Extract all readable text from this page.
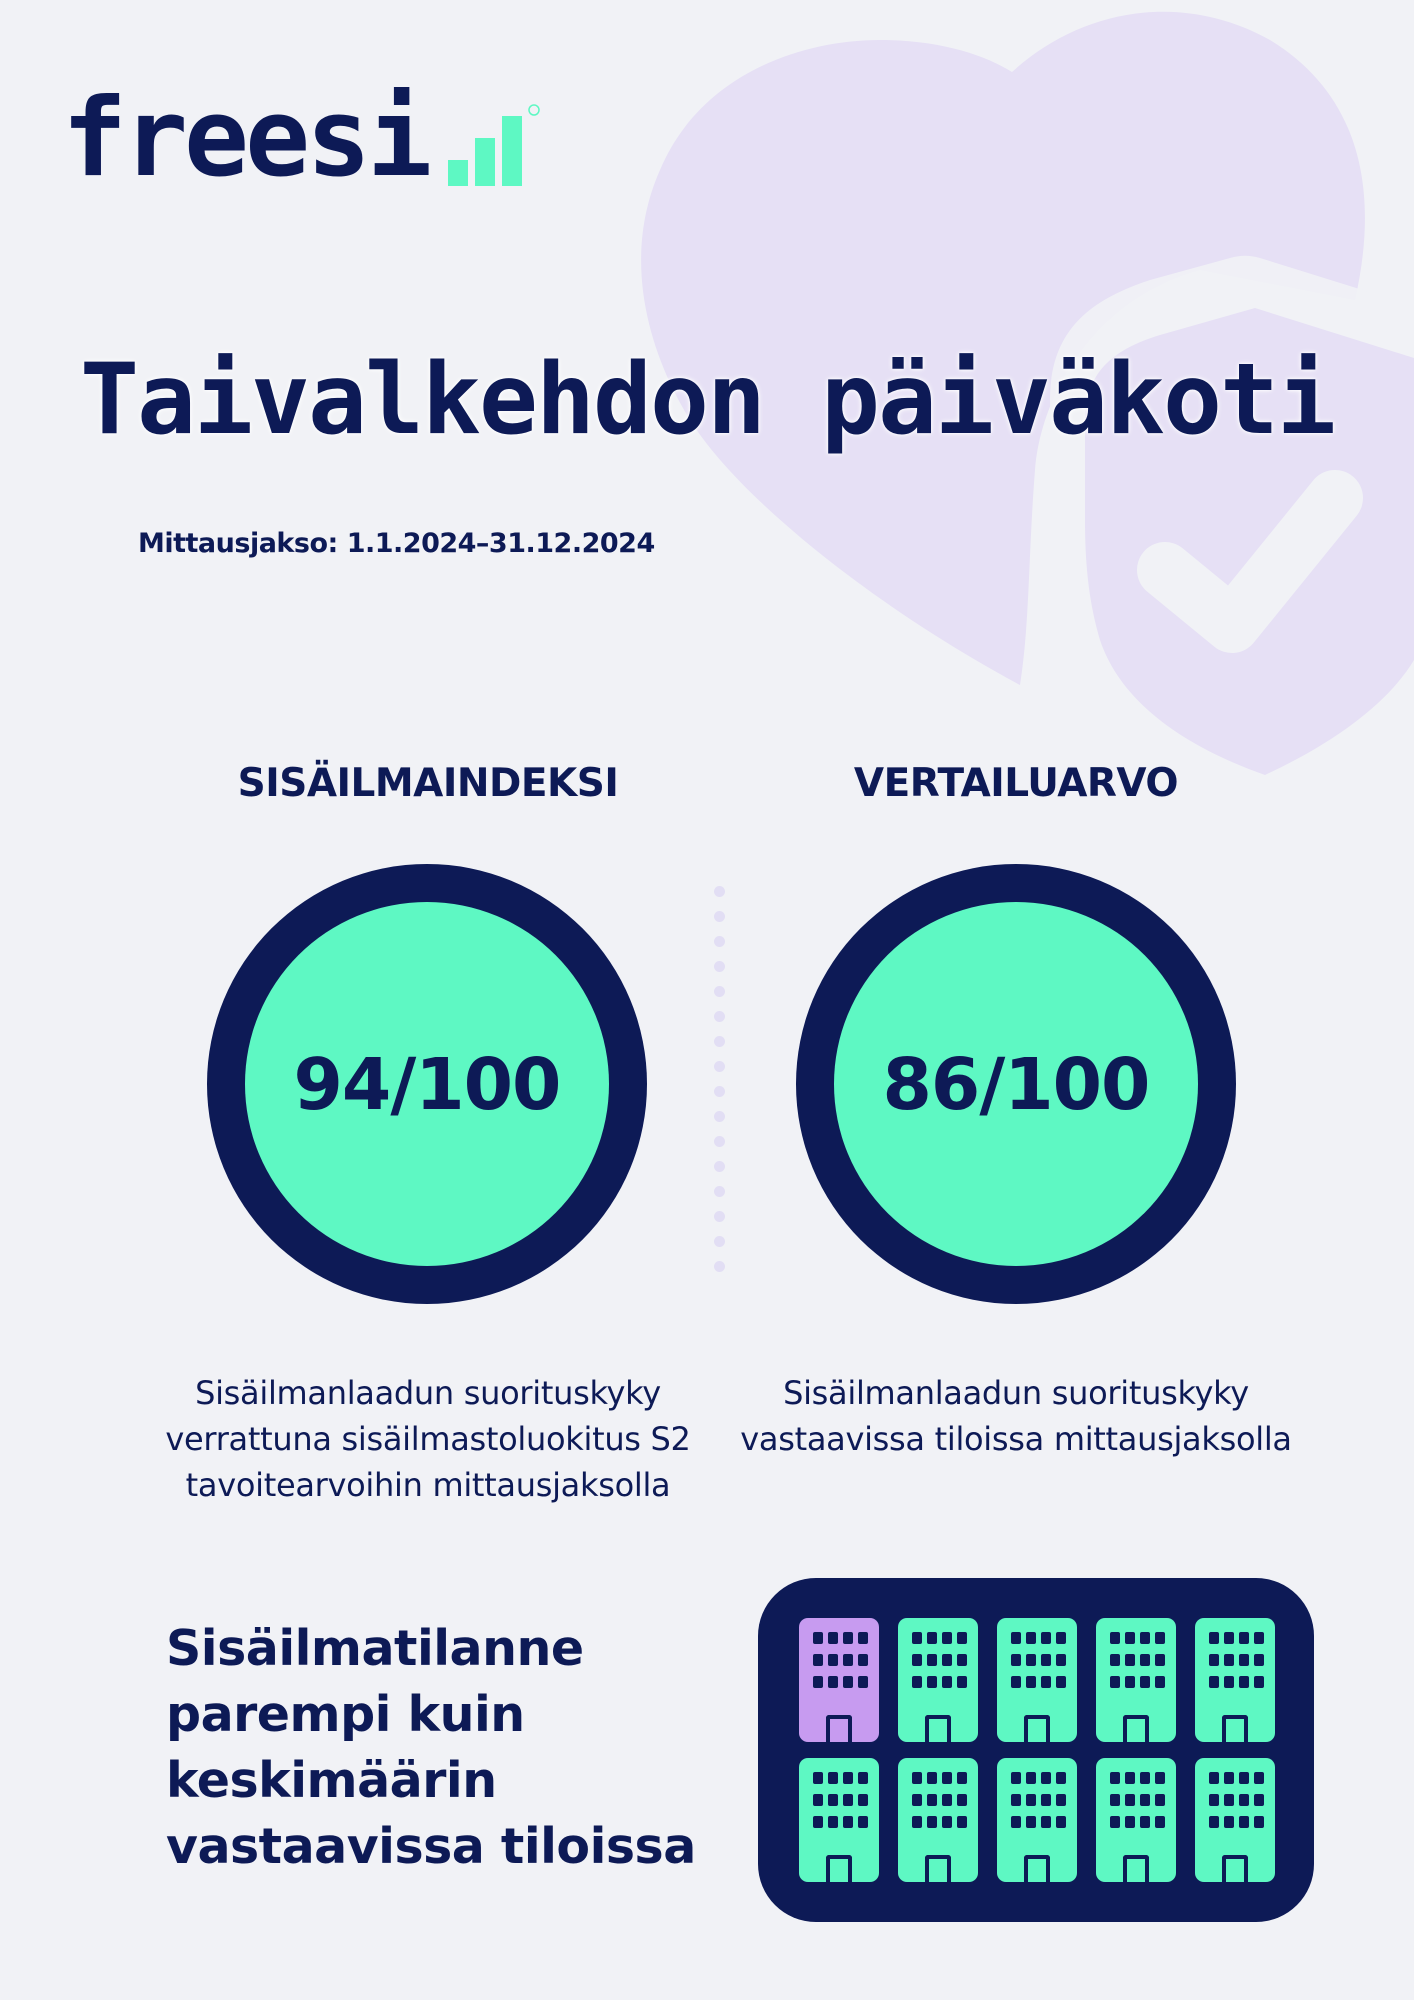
freesi
Taivalkehdon päiväkoti
Mittausjakso: 1.1.2024–31.12.2024
SISÄILMAINDEKSI
94/100
Sisäilmanlaadun suorituskyky verrattuna sisäilmastoluokitus S2 tavoitearvoihin mittausjaksolla
VERTAILUARVO
86/100
Sisäilmanlaadun suorituskyky vastaavissa tiloissa mittausjaksolla
Sisäilmatilanne parempi kuin keskimäärin vastaavissa tiloissa
